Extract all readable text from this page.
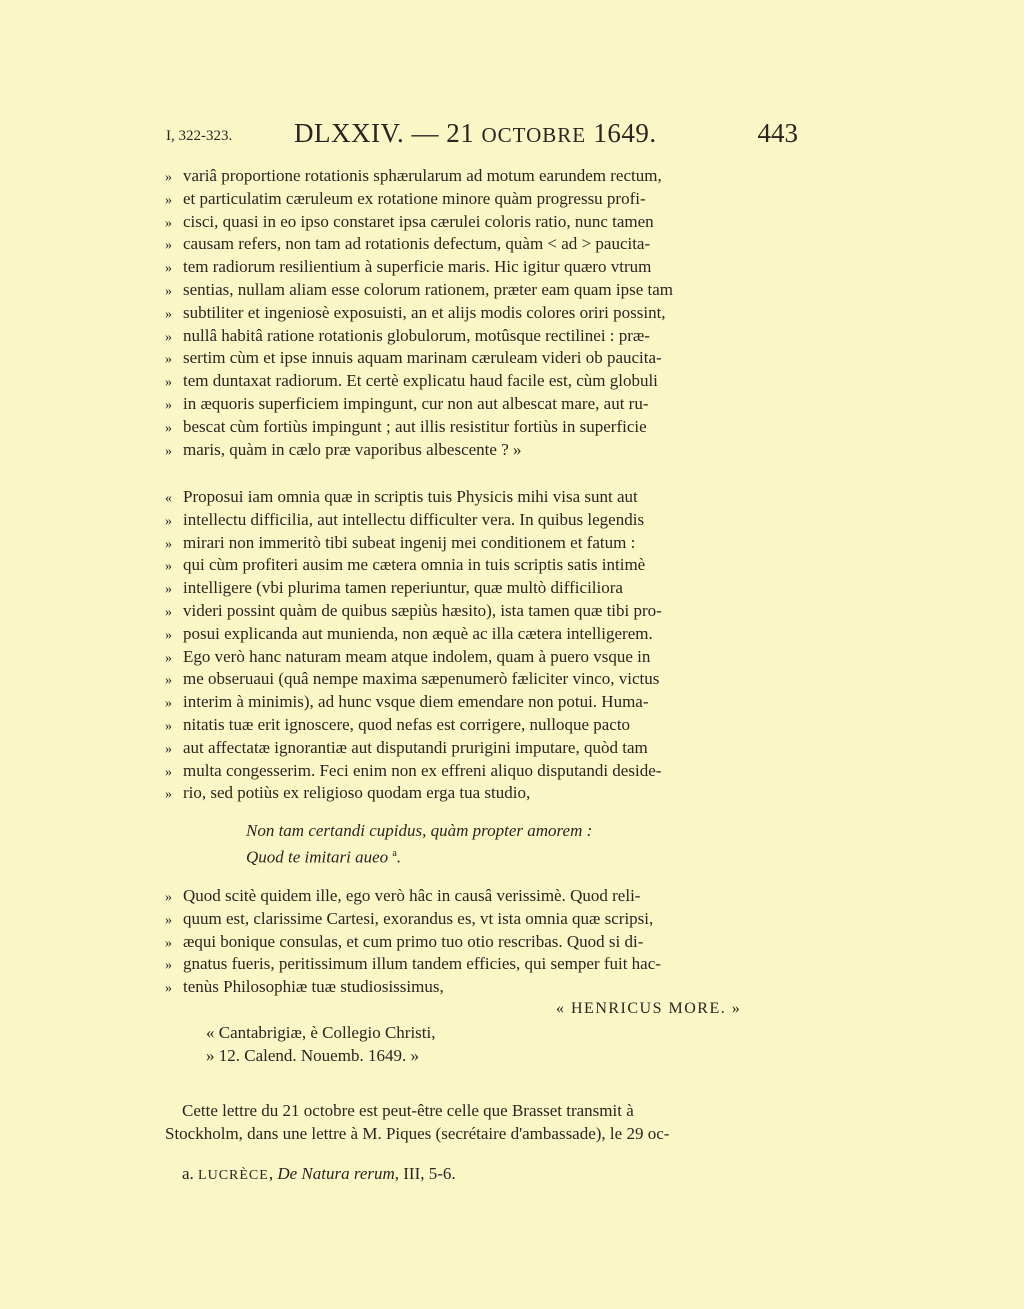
I, 322-323. DLXXIV. — 21 OCTOBRE 1649.	443
» variâ proportione rotationis sphærularum ad motum earundem rectum,
» et particulatim cæruleum ex rotatione minore quàm progressu profi-
» cisci, quasi in eo ipso constaret ipsa cærulei coloris ratio, nunc tamen
» causam refers, non tam ad rotationis defectum, quàm < ad > paucita-
» tem radiorum resilientium à superficie maris. Hic igitur quæro vtrum
» sentias, nullam aliam esse colorum rationem, præter eam quam ipse tam
» subtiliter et ingeniosè exposuisti, an et alijs modis colores oriri possint,
» nullâ habitâ ratione rotationis globulorum, motûsque rectilinei : præ-
» sertim cùm et ipse innuis aquam marinam cæruleam videri ob paucita-
» tem duntaxat radiorum. Et certè explicatu haud facile est, cùm globuli
» in æquoris superficiem impingunt, cur non aut albescat mare, aut ru-
» bescat cùm fortiùs impingunt ; aut illis resistitur fortiùs in superficie
» maris, quàm in cælo præ vaporibus albescente ? »
« Proposui iam omnia quæ in scriptis tuis Physicis mihi visa sunt aut
» intellectu difficilia, aut intellectu difficulter vera. In quibus legendis
» mirari non immeritò tibi subeat ingenij mei conditionem et fatum :
» qui cùm profiteri ausim me cætera omnia in tuis scriptis satis intimè
» intelligere (vbi plurima tamen reperiuntur, quæ multò difficiliora
» videri possint quàm de quibus sæpiùs hæsito), ista tamen quæ tibi pro-
» posui explicanda aut munienda, non æquè ac illa cætera intelligerem.
» Ego verò hanc naturam meam atque indolem, quam à puero vsque in
» me obseruaui (quâ nempe maxima sæpenumerò fæliciter vinco, victus
» interim à minimis), ad hunc vsque diem emendare non potui. Huma-
» nitatis tuæ erit ignoscere, quod nefas est corrigere, nulloque pacto
» aut affectatæ ignorantiæ aut disputandi prurigini imputare, quòd tam
» multa congesserim. Feci enim non ex effreni aliquo disputandi deside-
» rio, sed potiùs ex religioso quodam erga tua studio,
Non tam certandi cupidus, quàm propter amorem :
Quod te imitari aueo $^a$.
» Quod scitè quidem ille, ego verò hâc in causâ verissimè. Quod reli-
» quum est, clarissime Cartesi, exorandus es, vt ista omnia quæ scripsi,
» æqui bonique consulas, et cum primo tuo otio rescribas. Quod si di-
» gnatus fueris, peritissimum illum tandem efficies, qui semper fuit hac-
» tenùs Philosophiæ tuæ studiosissimus,
« HENRICUS MORE. »
« Cantabrigiæ, è Collegio Christi,
» 12. Calend. Nouemb. 1649. »
Cette lettre du 21 octobre est peut-être celle que Brasset transmit à
Stockholm, dans une lettre à M. Piques (secrétaire d'ambassade), le 29 oc-
a. LUCRÈCE, De Natura rerum, III, 5-6.
